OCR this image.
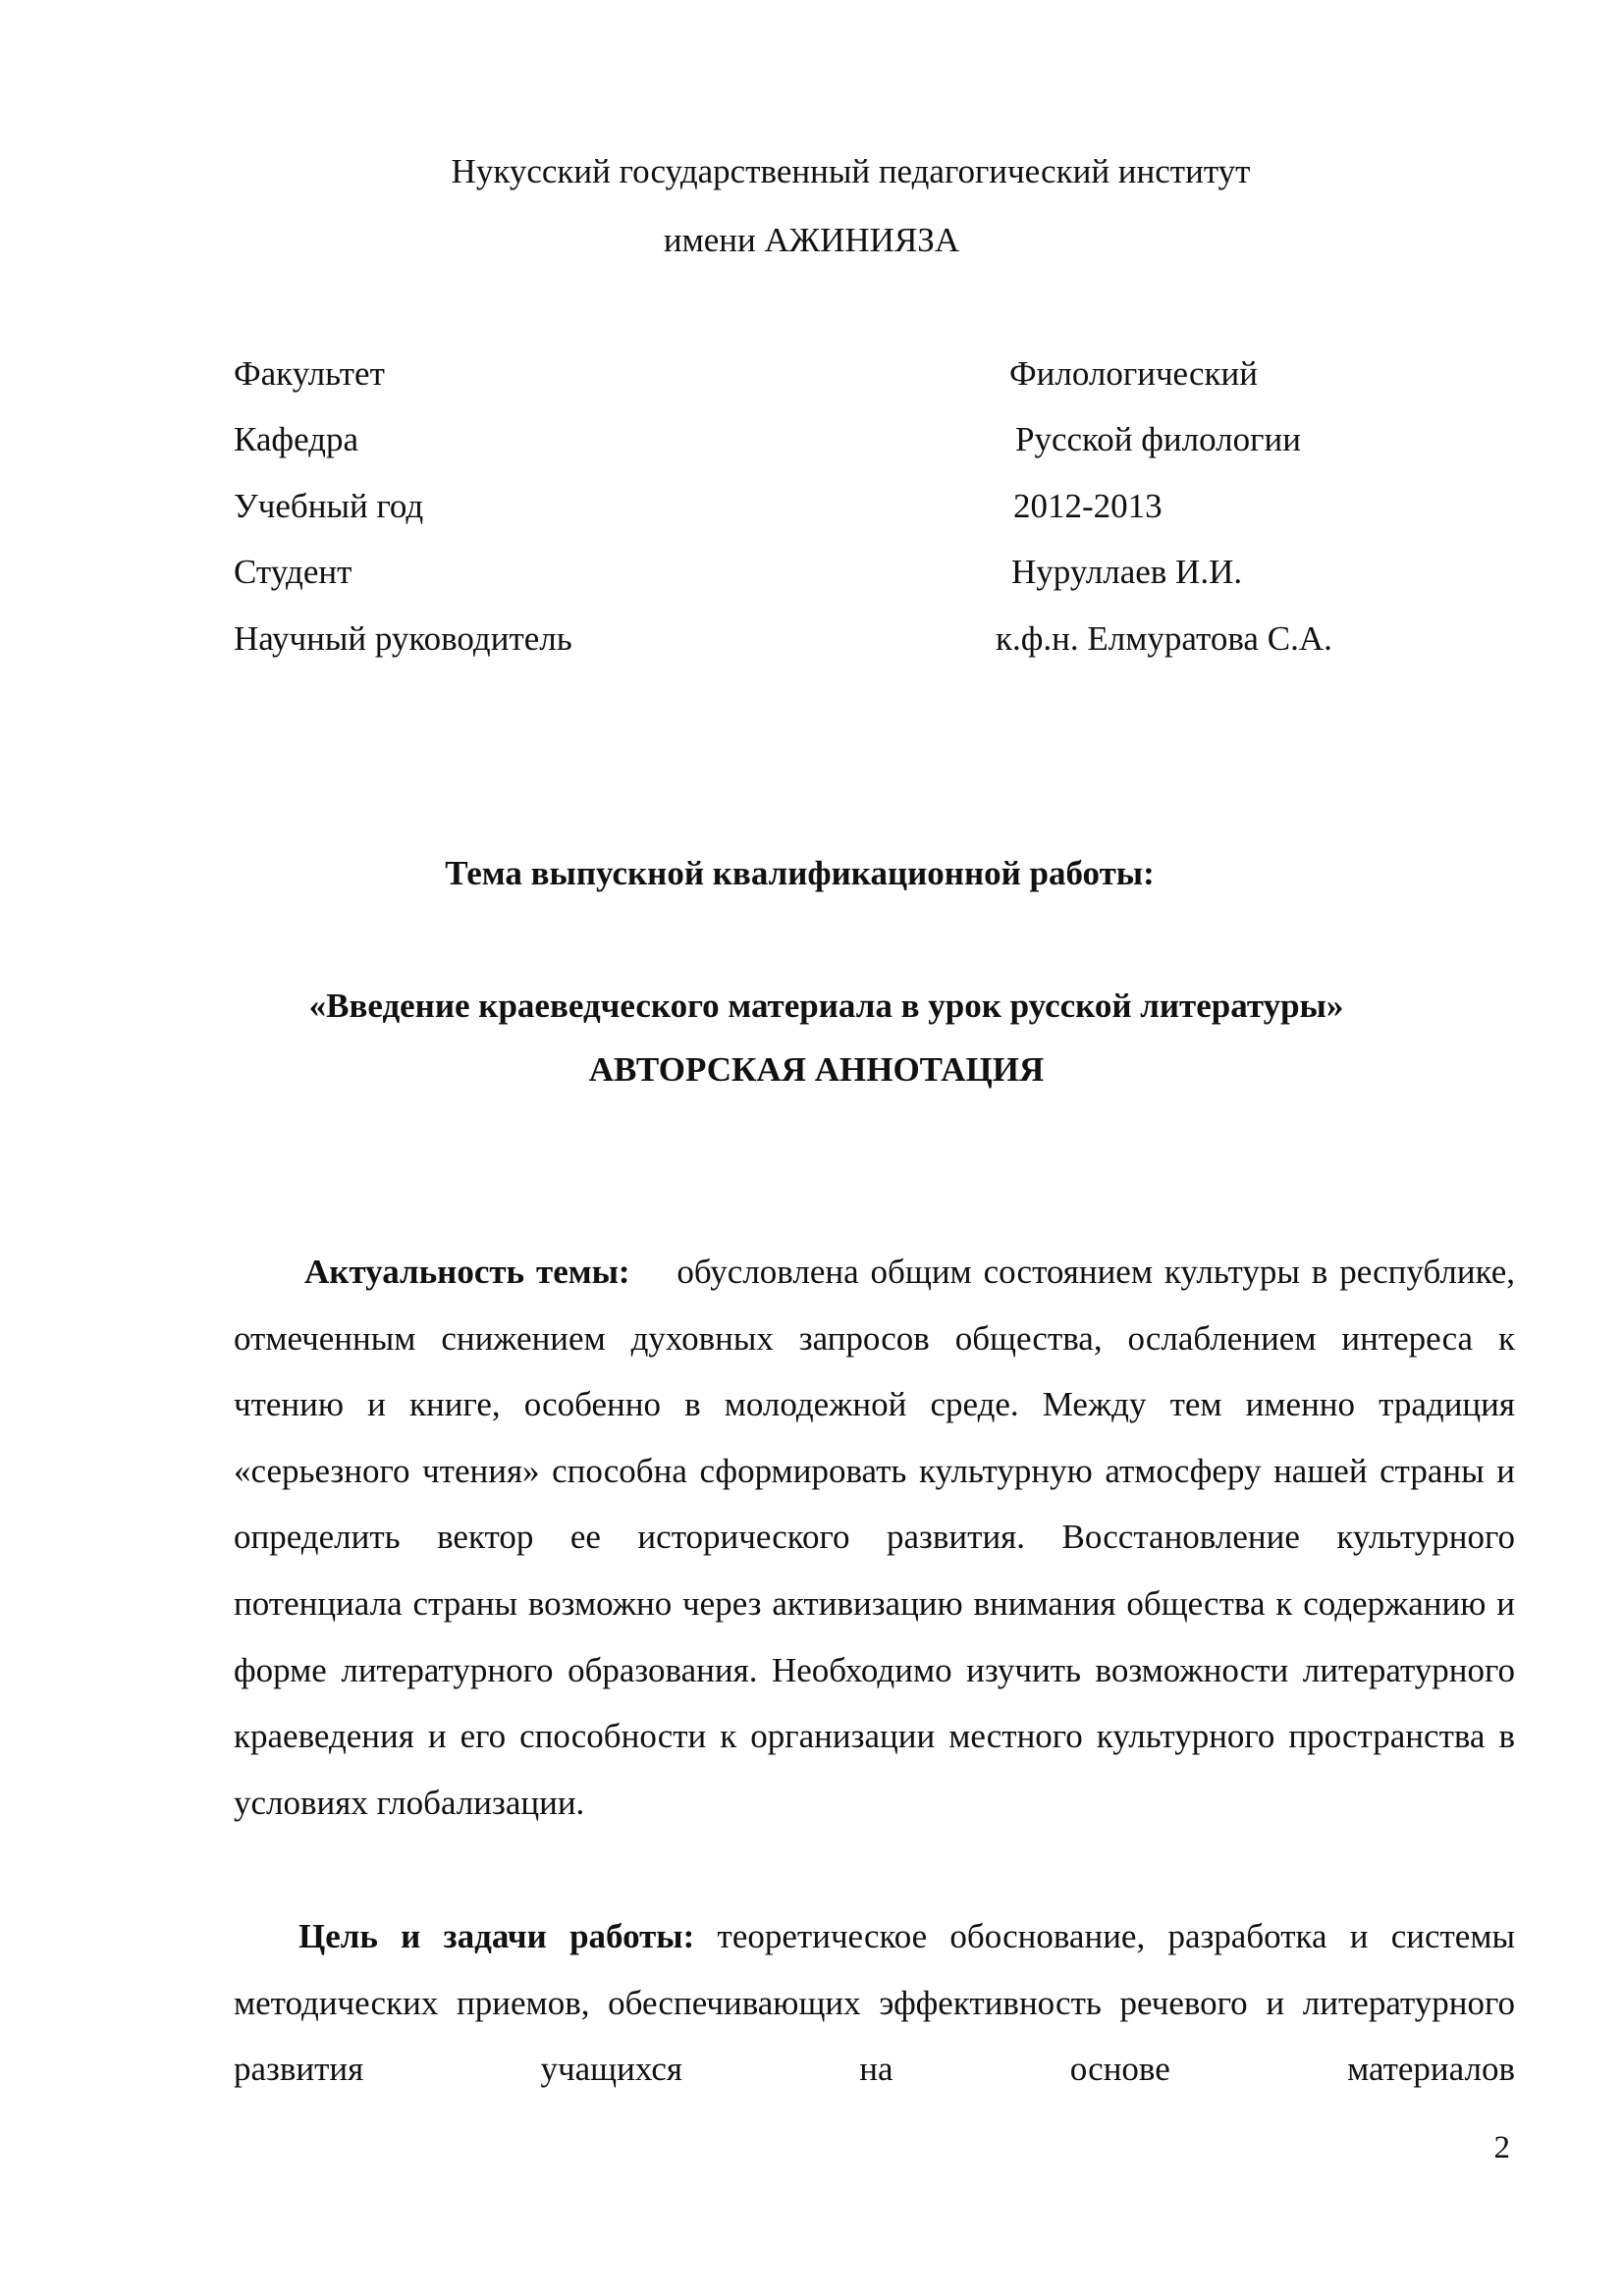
Нукусский государственный педагогический институт
имени АЖИНИЯЗА
Факультет	Филологический
Кафедра	Русской филологии
Учебный год	2012-2013
Студент	Нуруллаев И.И.
Научный руководитель	к.ф.н. Елмуратова С.А.
Тема выпускной квалификационной работы:
«Введение краеведческого материала в урок русской литературы»
АВТОРСКАЯ АННОТАЦИЯ

Актуальность темы: обусловлена общим состоянием культуры в республике, отмеченным снижением духовных запросов общества, ослаблением интереса к чтению и книге, особенно в молодежной среде. Между тем именно традиция «серьезного чтения» способна сформировать культурную атмосферу нашей страны и определить вектор ее исторического развития. Восстановление культурного потенциала страны возможно через активизацию внимания общества к содержанию и форме литературного образования. Необходимо изучить возможности литературного краеведения и его способности к организации местного культурного пространства в условиях глобализации.

Цель и задачи работы: теоретическое обоснование, разработка и системы методических приемов, обеспечивающих эффективность речевого и литературного развития учащихся на основе материалов

2
